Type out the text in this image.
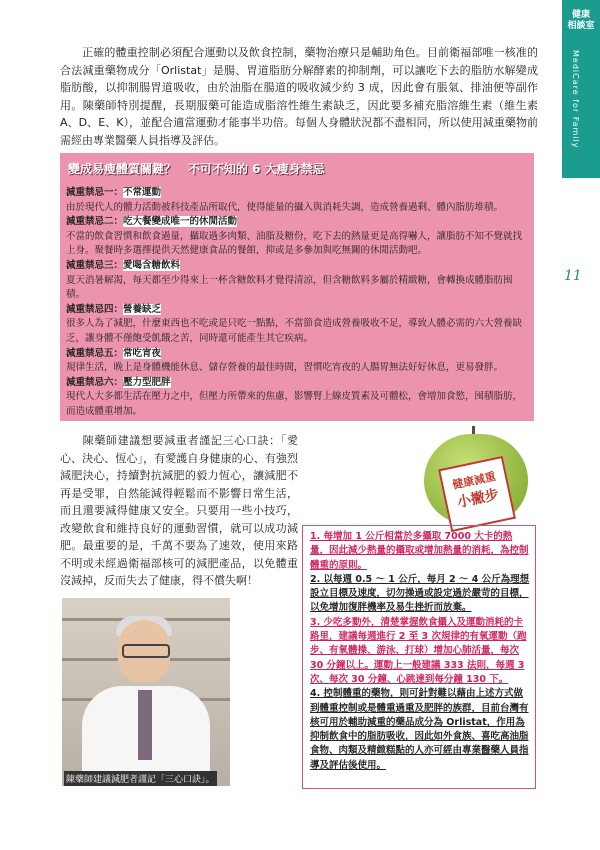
健康
相談室
MediCare for Family
11
正確的體重控制必須配合運動以及飲食控制，藥物治療只是輔助角色。目前衛福部唯一核准的合法減重藥物成分「Orlistat」是腸、胃道脂肪分解酵素的抑制劑，可以讓吃下去的脂肪水解變成脂肪酸，以抑制腸胃道吸收，由於油脂在腸道的吸收減少約 3 成，因此會有脹氣、排油便等副作用。陳藥師特別提醒，長期服藥可能造成脂溶性維生素缺乏，因此要多補充脂溶維生素（維生素 A、D、E、K），並配合適當運動才能事半功倍。每個人身體狀況都不盡相同，所以使用減重藥物前需經由專業醫藥人員指導及評估。
變成易瘦體質關鍵？　不可不知的 6 大瘦身禁忌
減重禁忌一：不常運動

由於現代人的體力活動被科技產品所取代，使得能量的攝入與消耗失調，造成營養過剩、體內脂肪堆積。

減重禁忌二：吃大餐變成唯一的休閒活動

不當的飲食習慣和飲食過量，攝取過多肉類、油脂及糖份，吃下去的熱量更是高得嚇人，讓脂肪不知不覺就找上身。聚餐時多選擇提供天然健康食品的餐館，抑或是多參加與吃無關的休閒活動吧。

減重禁忌三：愛喝含糖飲料

夏天消暑解渴，每天都至少得來上一杯含糖飲料才覺得清涼，但含糖飲料多屬於精緻糖，會轉換成體脂肪囤積。

減重禁忌四：營養缺乏

很多人為了減肥，什麼東西也不吃或是只吃一點點，不當節食造成營養吸收不足，導致人體必需的六大營養缺乏，讓身體不僅飽受飢餓之苦，同時還可能產生其它疾病。

減重禁忌五：常吃宵夜

規律生活，晚上是身體機能休息、儲存營養的最佳時間，習慣吃宵夜的人腸胃無法好好休息，更易發胖。

減重禁忌六：壓力型肥胖

現代人大多都生活在壓力之中，但壓力所帶來的焦慮，影響腎上線皮質素及可體松，會增加食慾，囤積脂肪，而造成體重增加。

陳藥師建議想要減重者謹記三心口訣：「愛心、決心、恆心」，有愛護自身健康的心、有強烈減肥決心，持續對抗減肥的毅力恆心，讓減肥不再是受罪，自然能減得輕鬆而不影響日常生活，而且還要減得健康又安全。只要用一些小技巧，改變飲食和維持良好的運動習慣，就可以成功減肥。最重要的是，千萬不要為了速效，使用來路不明或未經過衛福部核可的減肥產品，以免體重沒減掉，反而失去了健康，得不償失啊！
陳藥師建議減肥者謹記「三心口訣」。
健康減重
小撇步

1. 每增加 1 公斤相當於多攝取 7000 大卡的熱量，因此減少熱量的攝取或增加熱量的消耗，為控制體重的原則。

2. 以每週 0.5 ～ 1 公斤，每月 2 ～ 4 公斤為理想設立目標及速度，切勿操過或設定過於嚴苛的目標，以免增加復胖機率及易生挫折而放棄。

3. 少吃多動外，清楚掌握飲食攝入及運動消耗的卡路里，建議每週進行 2 至 3 次規律的有氧運動（跑步、有氧體操、游泳、打球）增加心肺活量，每次 30 分鐘以上。運動上一般建議 333 法則，每週 3 次、每次 30 分鐘、心跳達到每分鐘 130 下。

4. 控制體重的藥物，則可針對難以藉由上述方式做到體重控制或是體重過重及肥胖的族群，目前台灣有核可用於輔助減重的藥品成分為 Orlistat，作用為抑制飲食中的脂肪吸收，因此如外食族、喜吃高油脂食物、肉類及精緻糕點的人亦可經由專業醫藥人員指導及評估後使用。
